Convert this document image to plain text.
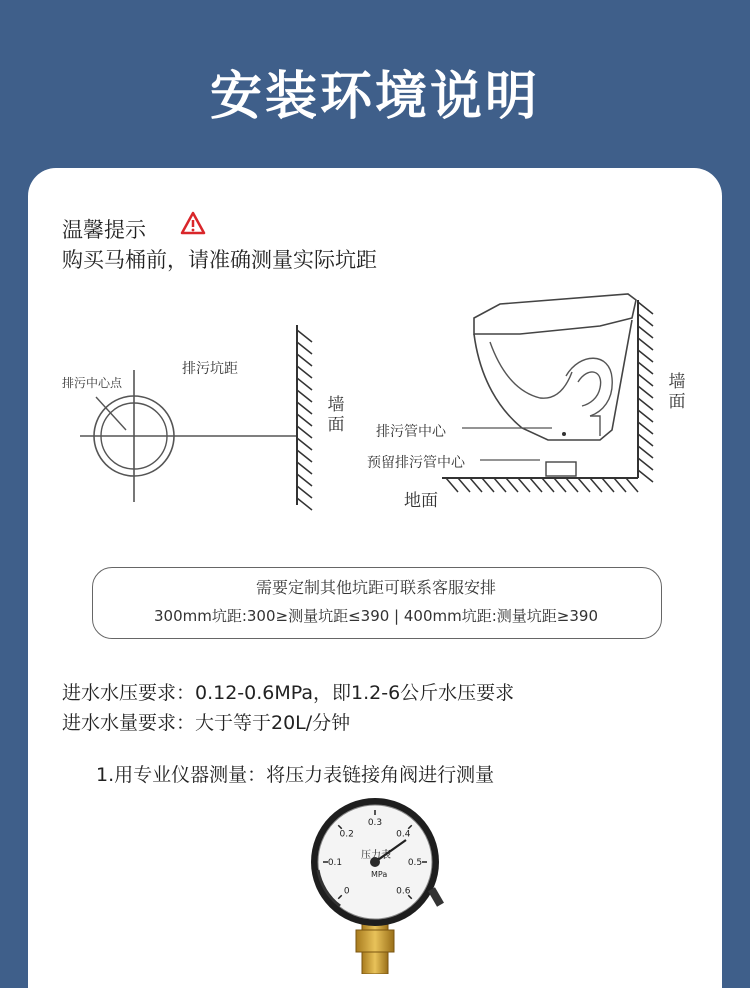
安装环境说明
温馨提示
购买马桶前，请准确测量实际坑距
排污中心点
排污坑距
墙面 排污管中心
预留排污管中心
地面
墙面
需要定制其他坑距可联系客服安排
300mm坑距:300≥测量坑距≤390 | 400mm坑距:测量坑距≥390
进水水压要求：0.12-0.6MPa，即1.2-6公斤水压要求
进水水量要求：大于等于20L/分钟
1.用专业仪器测量：将压力表链接角阀进行测量
0
0.1
0.2
0.3
0.4
0.5
0.6
压力表
MPa
